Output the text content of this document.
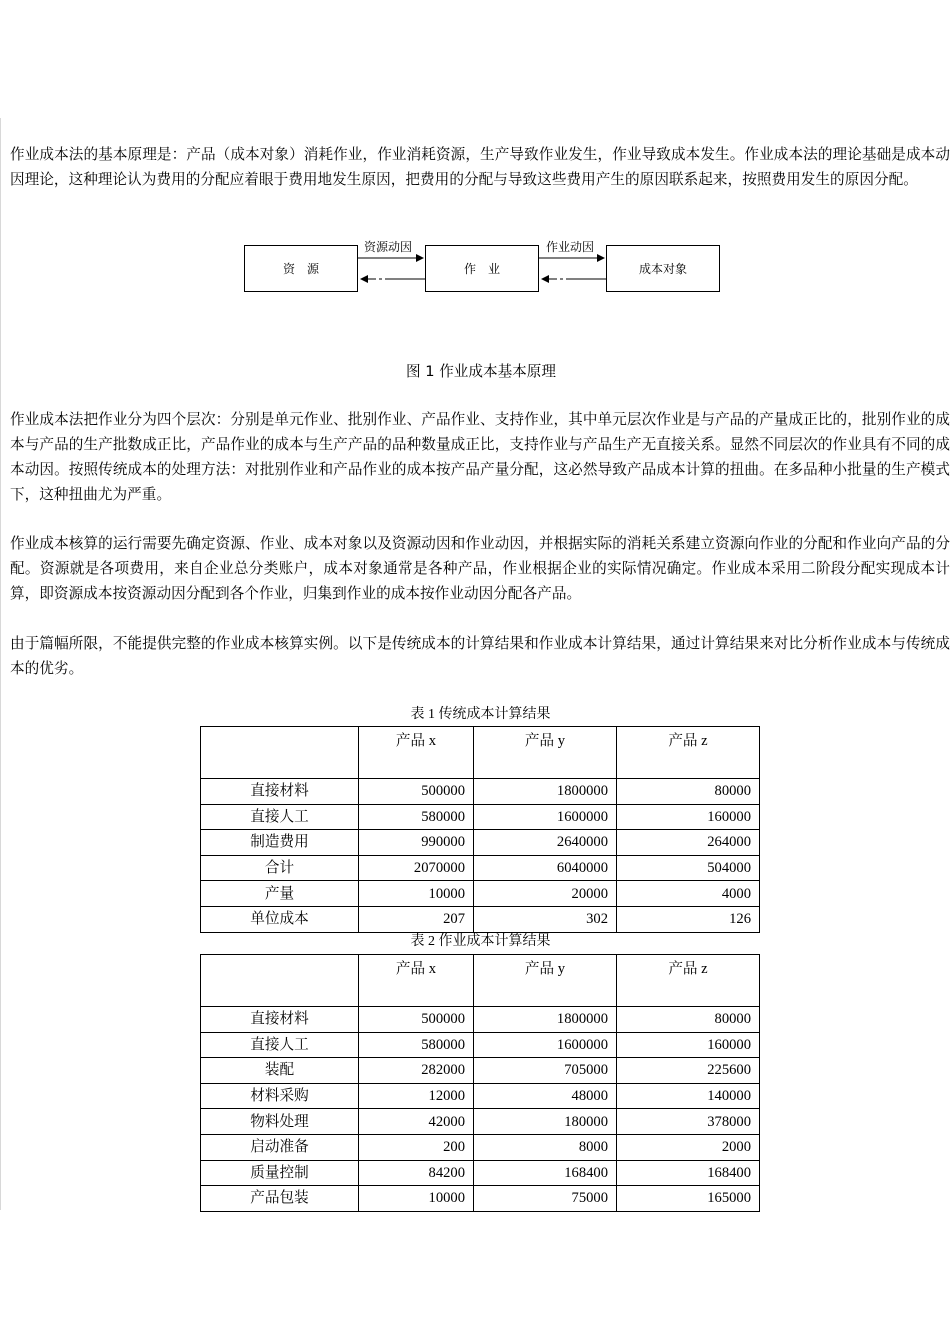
作业成本法的基本原理是：产品（成本对象）消耗作业，作业消耗资源，生产导致作业发生，作业导致成本发生。作业成本法的理论基础是成本动因理论，这种理论认为费用的分配应着眼于费用地发生原因，把费用的分配与导致这些费用产生的原因联系起来，按照费用发生的原因分配。

资源	作业	成本对象
资源动因	作业动因
图 1 作业成本基本原理

作业成本法把作业分为四个层次：分别是单元作业、批别作业、产品作业、支持作业，其中单元层次作业是与产品的产量成正比的，批别作业的成本与产品的生产批数成正比，产品作业的成本与生产产品的品种数量成正比，支持作业与产品生产无直接关系。显然不同层次的作业具有不同的成本动因。按照传统成本的处理方法：对批别作业和产品作业的成本按产品产量分配，这必然导致产品成本计算的扭曲。在多品种小批量的生产模式下，这种扭曲尤为严重。

作业成本核算的运行需要先确定资源、作业、成本对象以及资源动因和作业动因，并根据实际的消耗关系建立资源向作业的分配和作业向产品的分配。资源就是各项费用，来自企业总分类账户，成本对象通常是各种产品，作业根据企业的实际情况确定。作业成本采用二阶段分配实现成本计算，即资源成本按资源动因分配到各个作业，归集到作业的成本按作业动因分配各产品。

由于篇幅所限，不能提供完整的作业成本核算实例。以下是传统成本的计算结果和作业成本计算结果，通过计算结果来对比分析作业成本与传统成本的优劣。

表 1 传统成本计算结果
	产品 x	产品 y	产品 z
直接材料	500000	1800000	80000
直接人工	580000	1600000	160000
制造费用	990000	2640000	264000
合计	2070000	6040000	504000
产量	10000	20000	4000
单位成本	207	302	126
表 2 作业成本计算结果
	产品 x	产品 y	产品 z
直接材料	500000	1800000	80000
直接人工	580000	1600000	160000
装配	282000	705000	225600
材料采购	12000	48000	140000
物料处理	42000	180000	378000
启动准备	200	8000	2000
质量控制	84200	168400	168400
产品包装	10000	75000	165000
